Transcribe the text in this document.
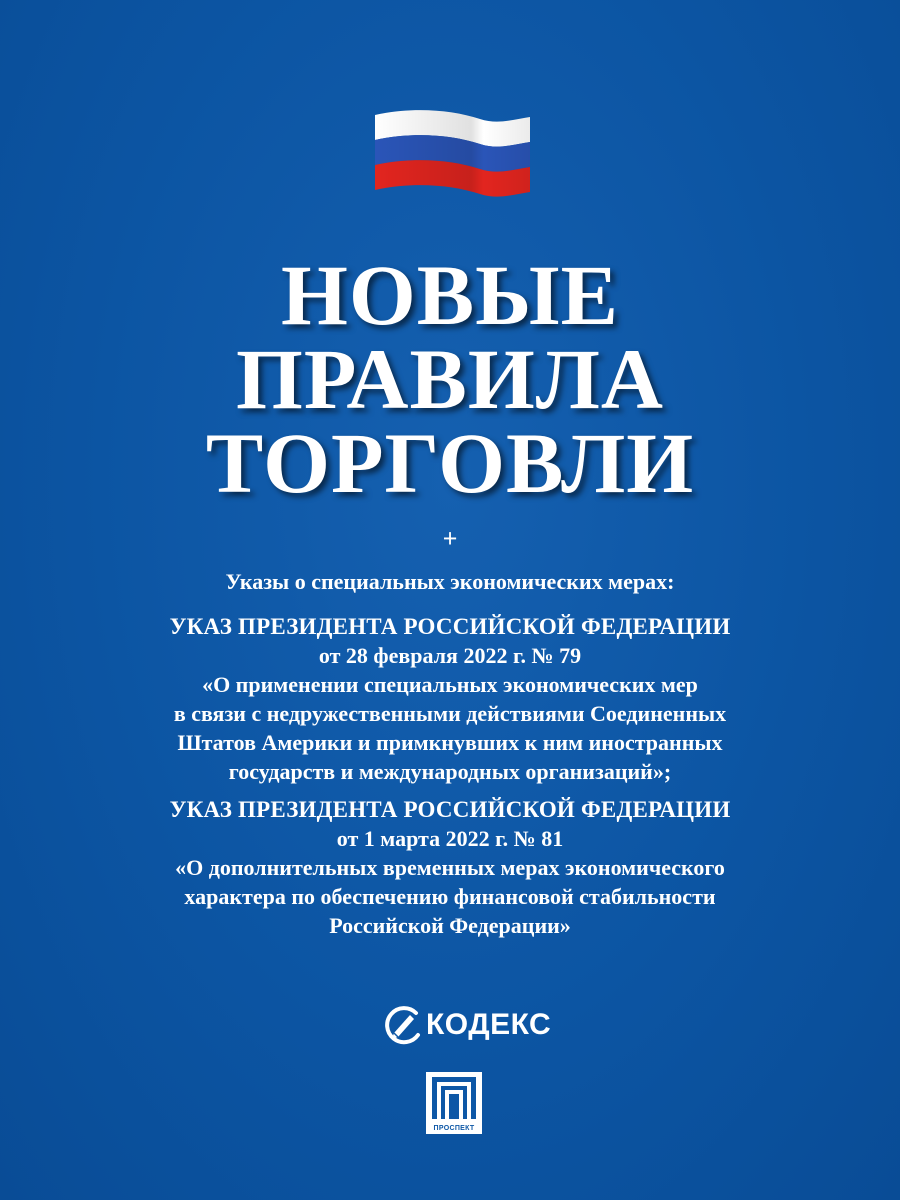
НОВЫЕ
ПРАВИЛА
ТОРГОВЛИ
+
Указы о специальных экономических мерах:
УКАЗ ПРЕЗИДЕНТА РОССИЙСКОЙ ФЕДЕРАЦИИ
от 28 февраля 2022 г. № 79
«О применении специальных экономических мер
в связи с недружественными действиями Соединенных
Штатов Америки и примкнувших к ним иностранных
государств и международных организаций»;
УКАЗ ПРЕЗИДЕНТА РОССИЙСКОЙ ФЕДЕРАЦИИ
от 1 марта 2022 г. № 81
«О дополнительных временных мерах экономического
характера по обеспечению финансовой стабильности
Российской Федерации»
КОДЕКС
ПРОСПЕКТ
